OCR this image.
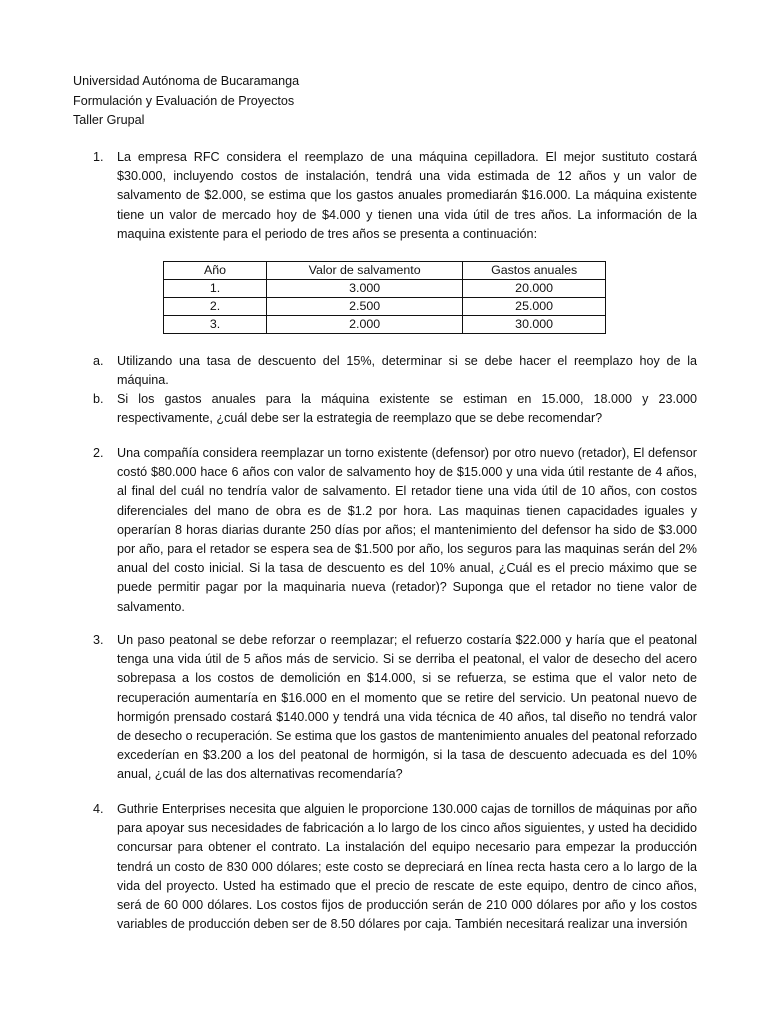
Universidad Autónoma de Bucaramanga
Formulación y Evaluación de Proyectos
Taller Grupal
1. La empresa RFC considera el reemplazo de una máquina cepilladora. El mejor sustituto costará $30.000, incluyendo costos de instalación, tendrá una vida estimada de 12 años y un valor de salvamento de $2.000, se estima que los gastos anuales promediarán $16.000. La máquina existente tiene un valor de mercado hoy de $4.000 y tienen una vida útil de tres años. La información de la maquina existente para el periodo de tres años se presenta a continuación:
Año	Valor de salvamento	Gastos anuales
1.	3.000	20.000
2.	2.500	25.000
3.	2.000	30.000
a. Utilizando una tasa de descuento del 15%, determinar si se debe hacer el reemplazo hoy de la máquina.
b. Si los gastos anuales para la máquina existente se estiman en 15.000, 18.000 y 23.000 respectivamente, ¿cuál debe ser la estrategia de reemplazo que se debe recomendar?
2. Una compañía considera reemplazar un torno existente (defensor) por otro nuevo (retador), El defensor costó $80.000 hace 6 años con valor de salvamento hoy de $15.000 y una vida útil restante de 4 años, al final del cuál no tendría valor de salvamento. El retador tiene una vida útil de 10 años, con costos diferenciales del mano de obra es de $1.2 por hora. Las maquinas tienen capacidades iguales y operarían 8 horas diarias durante 250 días por años; el mantenimiento del defensor ha sido de $3.000 por año, para el retador se espera sea de $1.500 por año, los seguros para las maquinas serán del 2% anual del costo inicial. Si la tasa de descuento es del 10% anual, ¿Cuál es el precio máximo que se puede permitir pagar por la maquinaria nueva (retador)? Suponga que el retador no tiene valor de salvamento.
3. Un paso peatonal se debe reforzar o reemplazar; el refuerzo costaría $22.000 y haría que el peatonal tenga una vida útil de 5 años más de servicio. Si se derriba el peatonal, el valor de desecho del acero sobrepasa a los costos de demolición en $14.000, si se refuerza, se estima que el valor neto de recuperación aumentaría en $16.000 en el momento que se retire del servicio. Un peatonal nuevo de hormigón prensado costará $140.000 y tendrá una vida técnica de 40 años, tal diseño no tendrá valor de desecho o recuperación. Se estima que los gastos de mantenimiento anuales del peatonal reforzado excederían en $3.200 a los del peatonal de hormigón, si la tasa de descuento adecuada es del 10% anual, ¿cuál de las dos alternativas recomendaría?
4. Guthrie Enterprises necesita que alguien le proporcione 130.000 cajas de tornillos de máquinas por año para apoyar sus necesidades de fabricación a lo largo de los cinco años siguientes, y usted ha decidido concursar para obtener el contrato. La instalación del equipo necesario para empezar la producción tendrá un costo de 830 000 dólares; este costo se depreciará en línea recta hasta cero a lo largo de la vida del proyecto. Usted ha estimado que el precio de rescate de este equipo, dentro de cinco años, será de 60 000 dólares. Los costos fijos de producción serán de 210 000 dólares por año y los costos variables de producción deben ser de 8.50 dólares por caja. También necesitará realizar una inversión
